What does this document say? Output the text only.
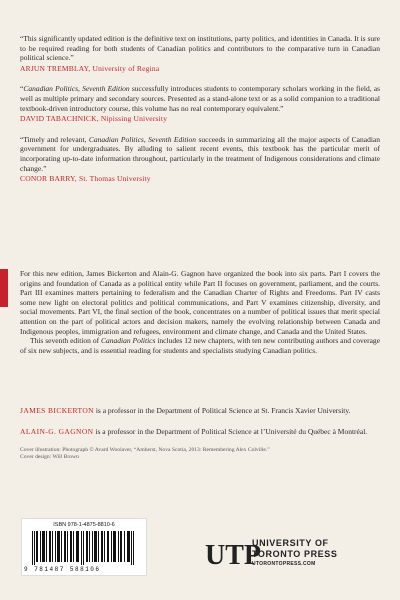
“This significantly updated edition is the definitive text on institutions, party politics, and identities in Canada. It is sure to be required reading for both students of Canadian politics and contributors to the comparative turn in Canadian political science.”
ARJUN TREMBLAY, University of Regina
“Canadian Politics, Seventh Edition successfully introduces students to contemporary scholars working in the field, as well as multiple primary and secondary sources. Presented as a stand-alone text or as a solid companion to a traditional textbook-driven introductory course, this volume has no real contemporary equivalent.”
DAVID TABACHNICK, Nipissing University
“Timely and relevant, Canadian Politics, Seventh Edition succeeds in summarizing all the major aspects of Canadian government for undergraduates. By alluding to salient recent events, this textbook has the particular merit of incorporating up-to-date information throughout, particularly in the treatment of Indigenous considerations and climate change.”
CONOR BARRY, St. Thomas University

For this new edition, James Bickerton and Alain-G. Gagnon have organized the book into six parts. Part I covers the origins and foundation of Canada as a political entity while Part II focuses on government, parliament, and the courts. Part III examines matters pertaining to federalism and the Canadian Charter of Rights and Freedoms. Part IV casts some new light on electoral politics and political communications, and Part V examines citizenship, diversity, and social movements. Part VI, the final section of the book, concentrates on a number of political issues that merit special attention on the part of political actors and decision makers, namely the evolving relationship between Canada and Indigenous peoples, immigration and refugees, environment and climate change, and Canada and the United States.

This seventh edition of Canadian Politics includes 12 new chapters, with ten new contributing authors and coverage of six new subjects, and is essential reading for students and specialists studying Canadian politics.

JAMES BICKERTON is a professor in the Department of Political Science at St. Francis Xavier University.
ALAIN-G. GAGNON is a professor in the Department of Political Science at l’Université du Québec à Montréal.
Cover illustration: Photograph © Avard Woolaver, “Amherst, Nova Scotia, 2013: Remembering Alex Colville.”
Cover design: Will Brown
ISBN 978-1-4875-8810-6
9 781487 588106	UTP
UNIVERSITY OF
TORONTO PRESS
UTORONTOPRESS.COM
